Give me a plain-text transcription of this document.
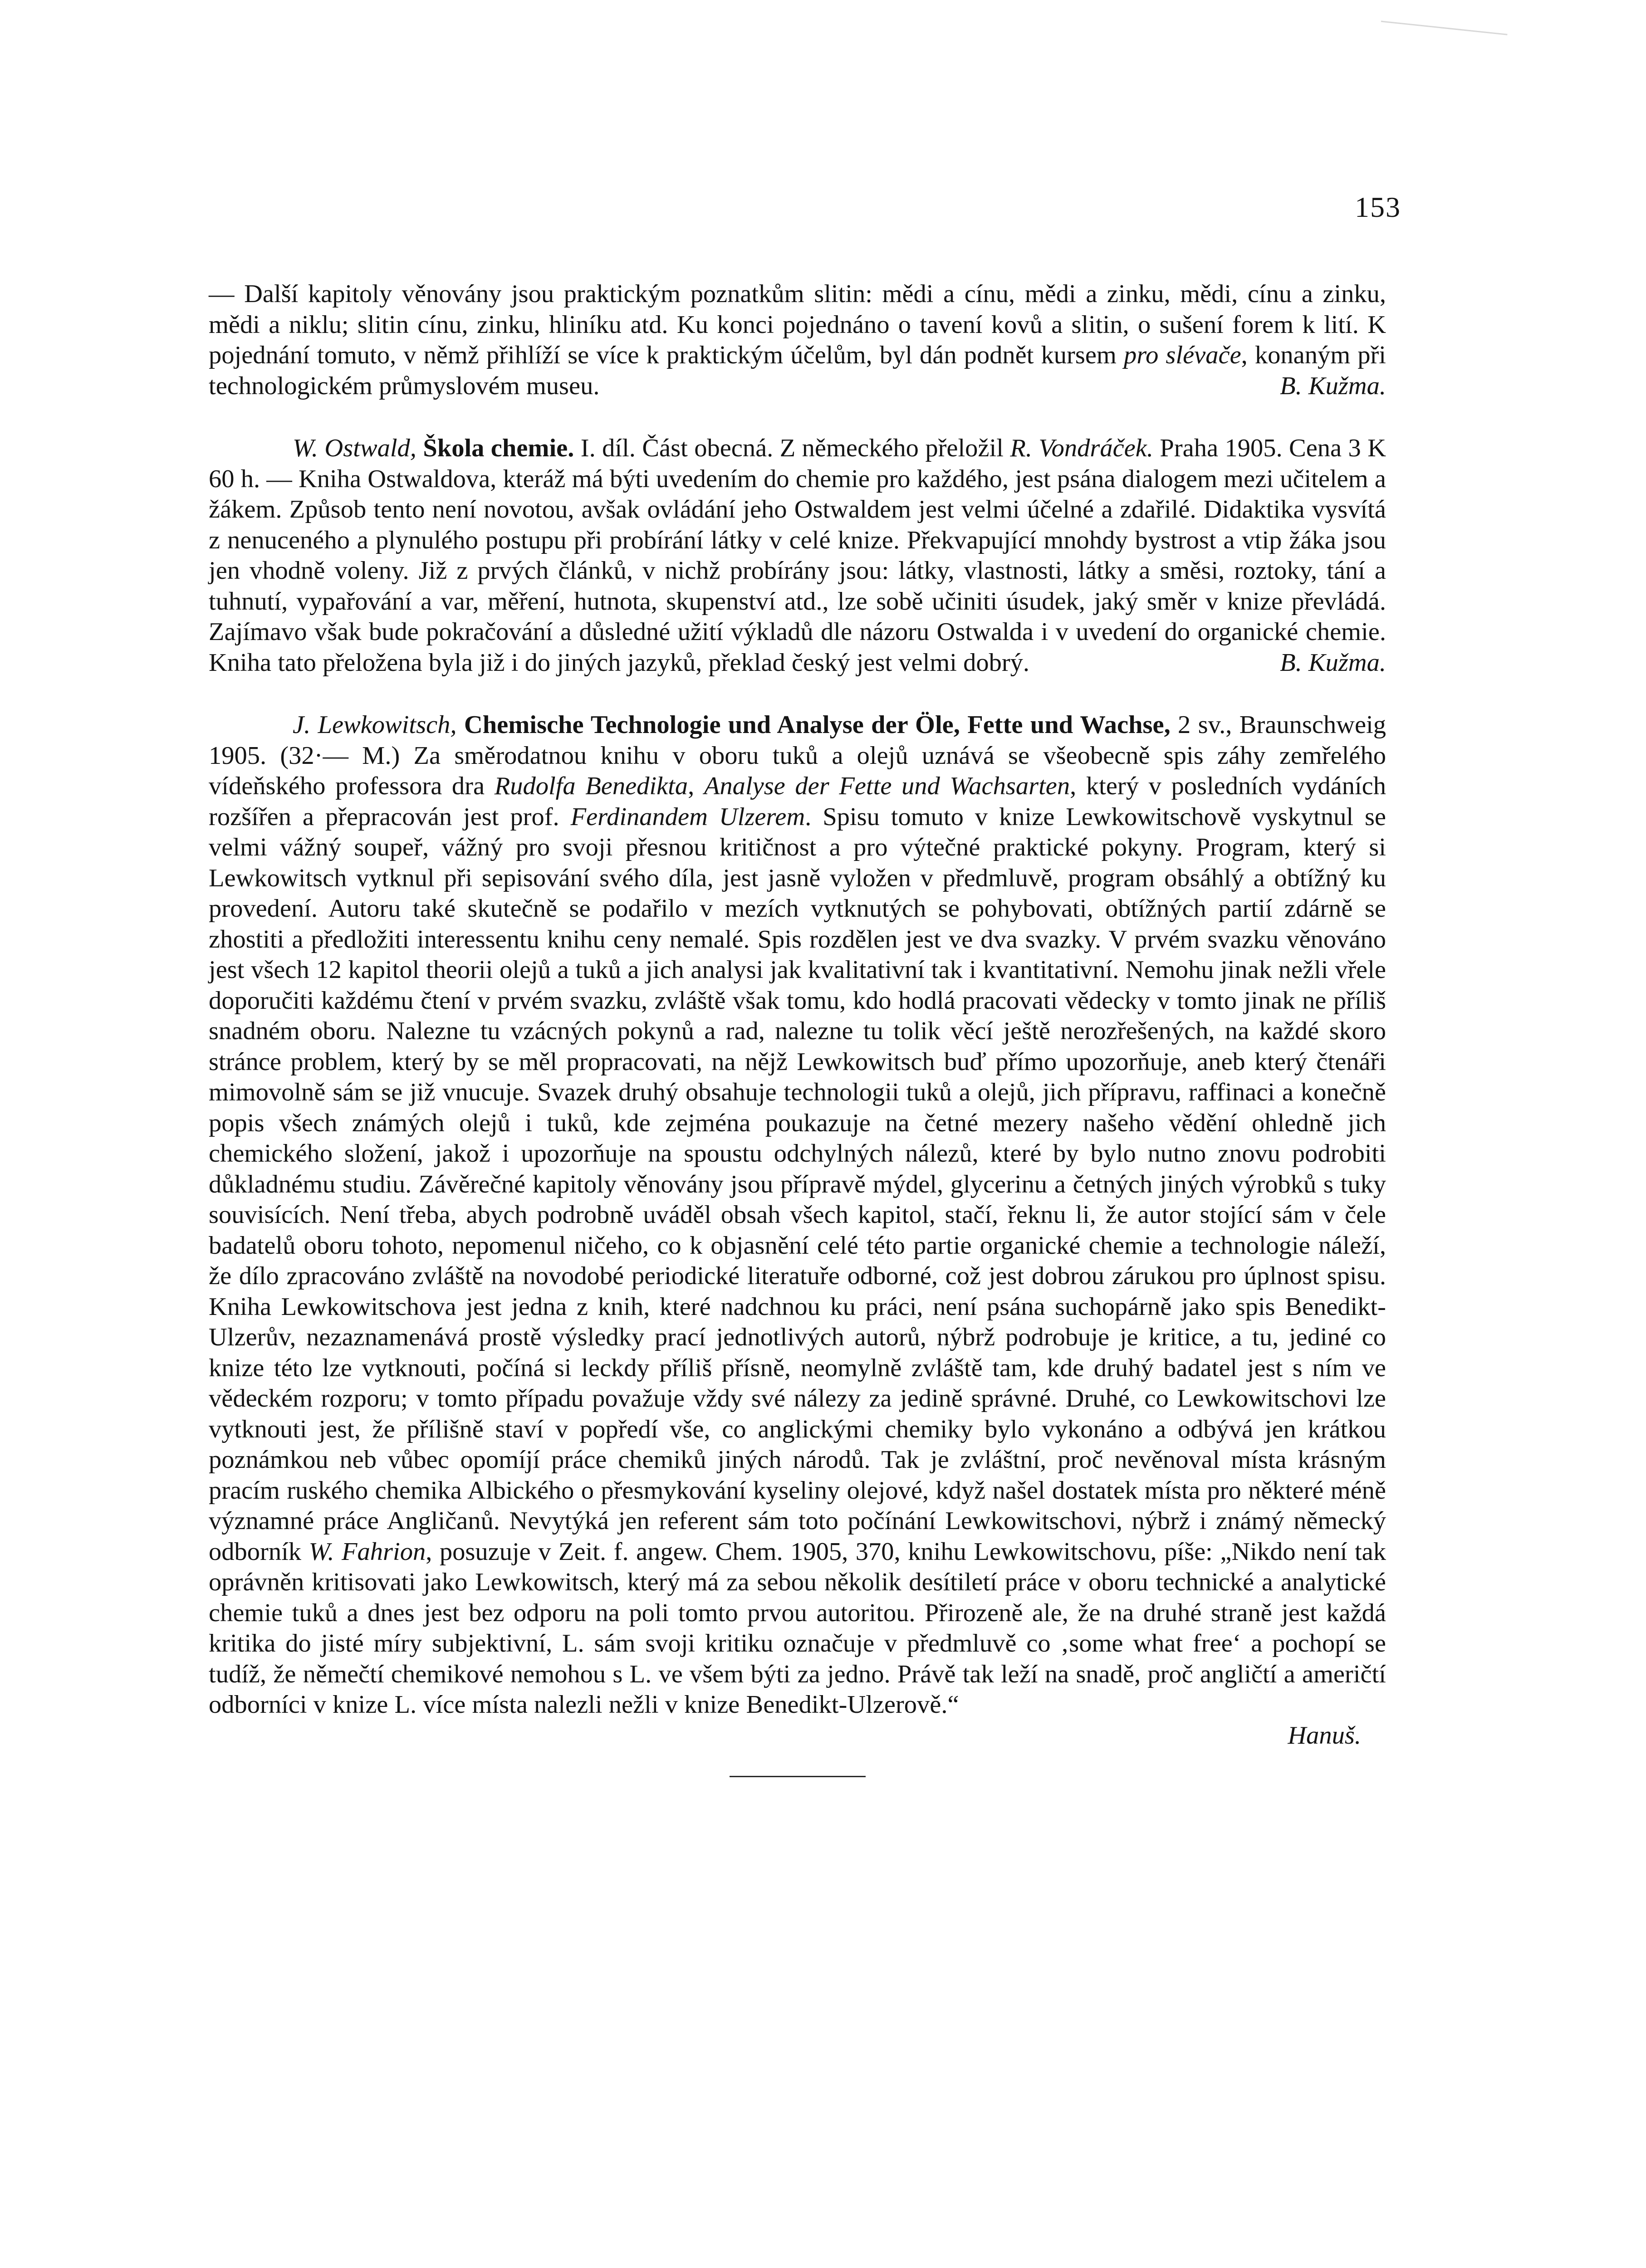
153

— Další kapitoly věnovány jsou praktickým poznatkům slitin: mědi a cínu, mědi a zinku, mědi, cínu a zinku, mědi a niklu; slitin cínu, zinku, hliníku atd. Ku konci pojednáno o tavení kovů a slitin, o sušení forem k lití. K pojednání tomuto, v němž přihlíží se více k praktickým účelům, byl dán podnět kursem pro slévače, konaným při technologickém průmyslovém museu.	B. Kužma.

W. Ostwald, Škola chemie. I. díl. Část obecná. Z německého přeložil R. Vondráček. Praha 1905. Cena 3 K 60 h. — Kniha Ostwaldova, kteráž má býti uvedením do chemie pro každého, jest psána dialogem mezi učitelem a žákem. Způsob tento není novotou, avšak ovládání jeho Ostwaldem jest velmi účelné a zdařilé. Didaktika vysvítá z nenuceného a plynulého postupu při probírání látky v celé knize. Překvapující mnohdy bystrost a vtip žáka jsou jen vhodně voleny. Již z prvých článků, v nichž probírány jsou: látky, vlastnosti, látky a směsi, roztoky, tání a tuhnutí, vypařování a var, měření, hutnota, skupenství atd., lze sobě učiniti úsudek, jaký směr v knize převládá. Zajímavo však bude pokračování a důsledné užití výkladů dle názoru Ostwalda i v uvedení do organické chemie. Kniha tato přeložena byla již i do jiných jazyků, překlad český jest velmi dobrý.	B. Kužma.

J. Lewkowitsch, Chemische Technologie und Analyse der Öle, Fette und Wachse, 2 sv., Braunschweig 1905. (32·— M.) Za směrodatnou knihu v oboru tuků a olejů uznává se všeobecně spis záhy zemřelého vídeňského professora dra Rudolfa Benedikta, Analyse der Fette und Wachsarten, který v posledních vydáních rozšířen a přepracován jest prof. Ferdinandem Ulzerem. Spisu tomuto v knize Lewkowitschově vyskytnul se velmi vážný soupeř, vážný pro svoji přesnou kritičnost a pro výtečné praktické pokyny. Program, který si Lewkowitsch vytknul při sepisování svého díla, jest jasně vyložen v předmluvě, program obsáhlý a obtížný ku provedení. Autoru také skutečně se podařilo v mezích vytknutých se pohybovati, obtížných partií zdárně se zhostiti a předložiti interessentu knihu ceny nemalé. Spis rozdělen jest ve dva svazky. V prvém svazku věnováno jest všech 12 kapitol theorii olejů a tuků a jich analysi jak kvalitativní tak i kvantitativní. Nemohu jinak nežli vřele doporučiti každému čtení v prvém svazku, zvláště však tomu, kdo hodlá pracovati vědecky v tomto jinak ne příliš snadném oboru. Nalezne tu vzácných pokynů a rad, nalezne tu tolik věcí ještě nerozřešených, na každé skoro stránce problem, který by se měl propracovati, na nějž Lewkowitsch buď přímo upozorňuje, aneb který čtenáři mimovolně sám se již vnucuje. Svazek druhý obsahuje technologii tuků a olejů, jich přípravu, raffinaci a konečně popis všech známých olejů i tuků, kde zejména poukazuje na četné mezery našeho vědění ohledně jich chemického složení, jakož i upozorňuje na spoustu odchylných nálezů, které by bylo nutno znovu podrobiti důkladnému studiu. Závěrečné kapitoly věnovány jsou přípravě mýdel, glycerinu a četných jiných výrobků s tuky souvisících. Není třeba, abych podrobně uváděl obsah všech kapitol, stačí, řeknu li, že autor stojící sám v čele badatelů oboru tohoto, nepomenul ničeho, co k objasnění celé této partie organické chemie a technologie náleží, že dílo zpracováno zvláště na novodobé periodické literatuře odborné, což jest dobrou zárukou pro úplnost spisu. Kniha Lewkowitschova jest jedna z knih, které nadchnou ku práci, není psána suchopárně jako spis Benedikt-Ulzerův, nezaznamenává prostě výsledky prací jednotlivých autorů, nýbrž podrobuje je kritice, a tu, jediné co knize této lze vytknouti, počíná si leckdy příliš přísně, neomylně zvláště tam, kde druhý badatel jest s ním ve vědeckém rozporu; v tomto případu považuje vždy své nálezy za jedině správné. Druhé, co Lewkowitschovi lze vytknouti jest, že přílišně staví v popředí vše, co anglickými chemiky bylo vykonáno a odbývá jen krátkou poznámkou neb vůbec opomíjí práce chemiků jiných národů. Tak je zvláštní, proč nevěnoval místa krásným pracím ruského chemika Albického o přesmykování kyseliny olejové, když našel dostatek místa pro některé méně významné práce Angličanů. Nevytýká jen referent sám toto počínání Lewkowitschovi, nýbrž i známý německý odborník W. Fahrion, posuzuje v Zeit. f. angew. Chem. 1905, 370, knihu Lewkowitschovu, píše: „Nikdo není tak oprávněn kritisovati jako Lewkowitsch, který má za sebou několik desítiletí práce v oboru technické a analytické chemie tuků a dnes jest bez odporu na poli tomto prvou autoritou. Přirozeně ale, že na druhé straně jest každá kritika do jisté míry subjektivní, L. sám svoji kritiku označuje v předmluvě co ‚some what free‘ a pochopí se tudíž, že němečtí chemikové nemohou s L. ve všem býti za jedno. Právě tak leží na snadě, proč angličtí a američtí odborníci v knize L. více místa nalezli nežli v knize Benedikt-Ulzerově.“
Hanuš.
